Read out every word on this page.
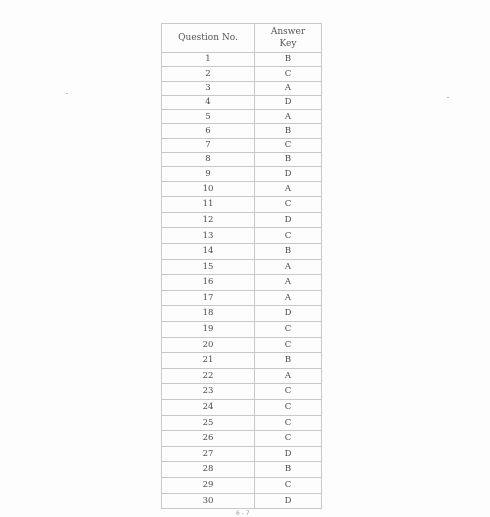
Question No.	Answer
Key

1	B
2	C
3	A
4	D
5	A
6	B
7	C
8	B
9	D
10	A
11	C
12	D
13	C
14	B
15	A
16	A
17	A
18	D
19	C
20	C
21	B
22	A
23	C
24	C
25	C
26	C
27	D
28	B
29	C
30	D
6 - 7
